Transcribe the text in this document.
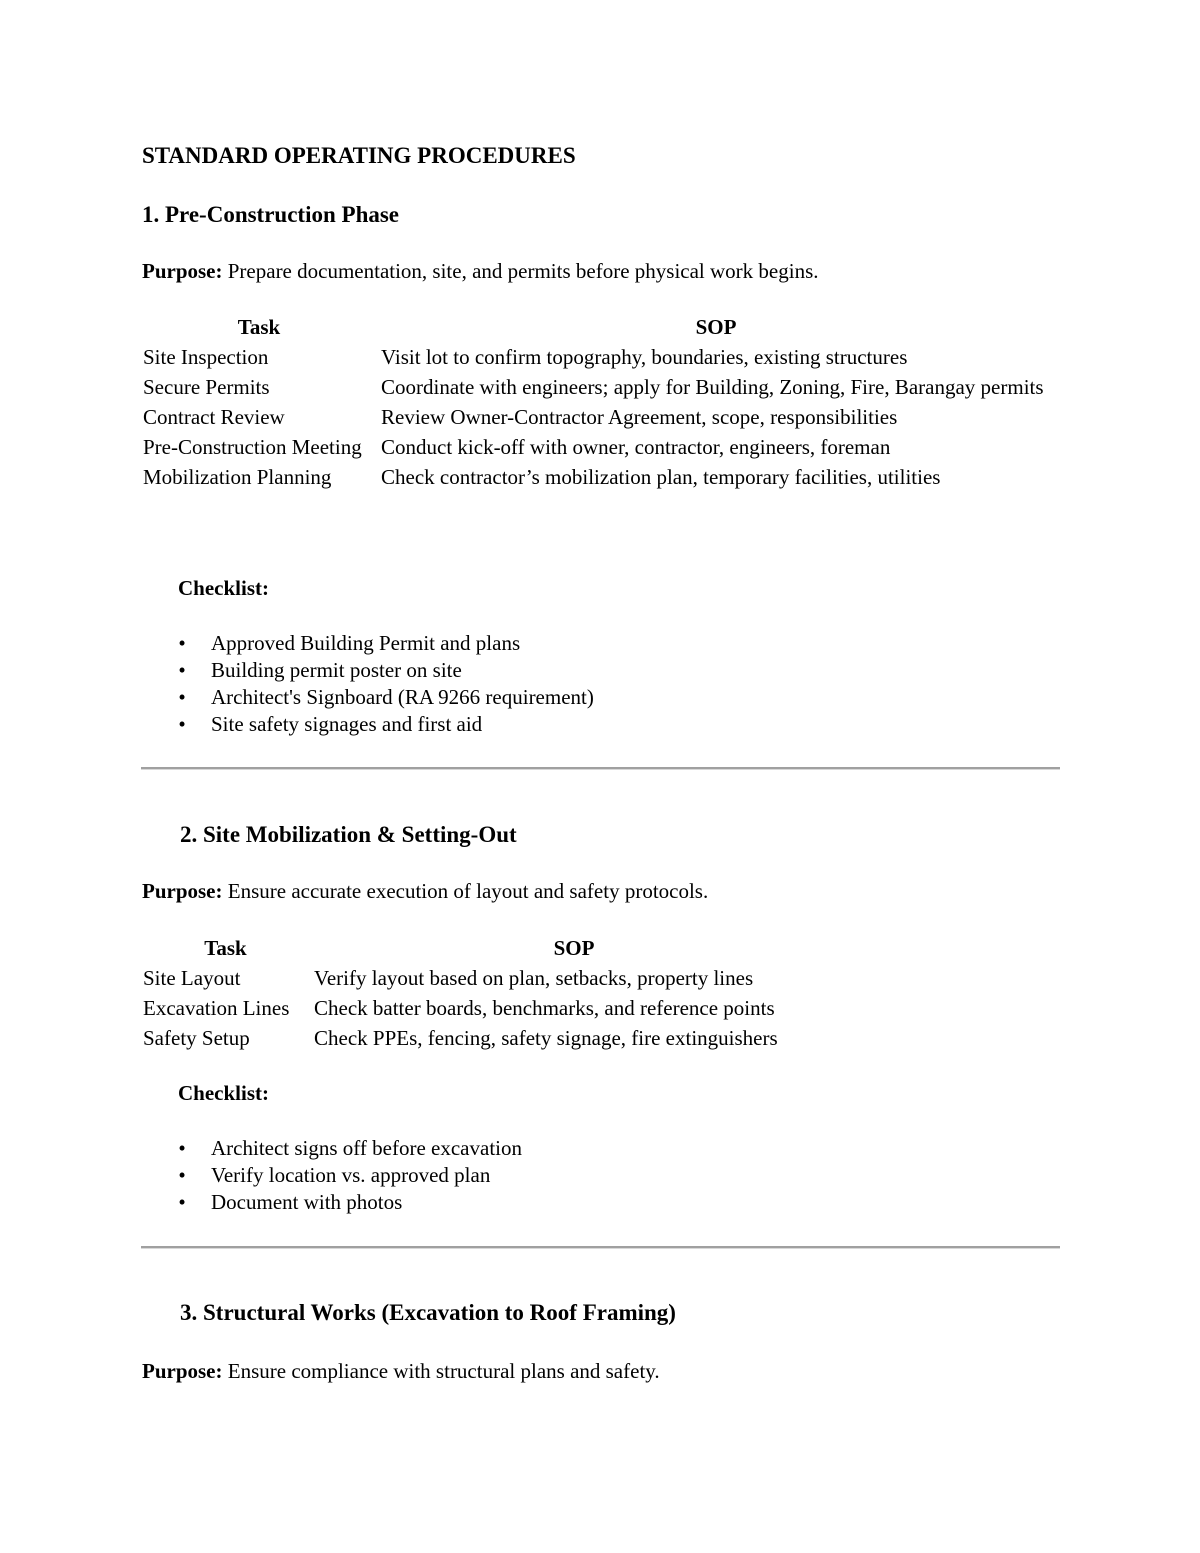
STANDARD OPERATING PROCEDURES
1. Pre-Construction Phase

Purpose: Prepare documentation, site, and permits before physical work begins.

Task	SOP
Site Inspection	Visit lot to confirm topography, boundaries, existing structures
Secure Permits	Coordinate with engineers; apply for Building, Zoning, Fire, Barangay permits
Contract Review	Review Owner-Contractor Agreement, scope, responsibilities
Pre-Construction Meeting	Conduct kick-off with owner, contractor, engineers, foreman
Mobilization Planning	Check contractor’s mobilization plan, temporary facilities, utilities

Checklist:

• Approved Building Permit and plans
• Building permit poster on site
• Architect's Signboard (RA 9266 requirement)
• Site safety signages and first aid
2. Site Mobilization & Setting-Out

Purpose: Ensure accurate execution of layout and safety protocols.

Task	SOP
Site Layout	Verify layout based on plan, setbacks, property lines
Excavation Lines	Check batter boards, benchmarks, and reference points
Safety Setup	Check PPEs, fencing, safety signage, fire extinguishers

Checklist:

• Architect signs off before excavation
• Verify location vs. approved plan
• Document with photos
3. Structural Works (Excavation to Roof Framing)

Purpose: Ensure compliance with structural plans and safety.
